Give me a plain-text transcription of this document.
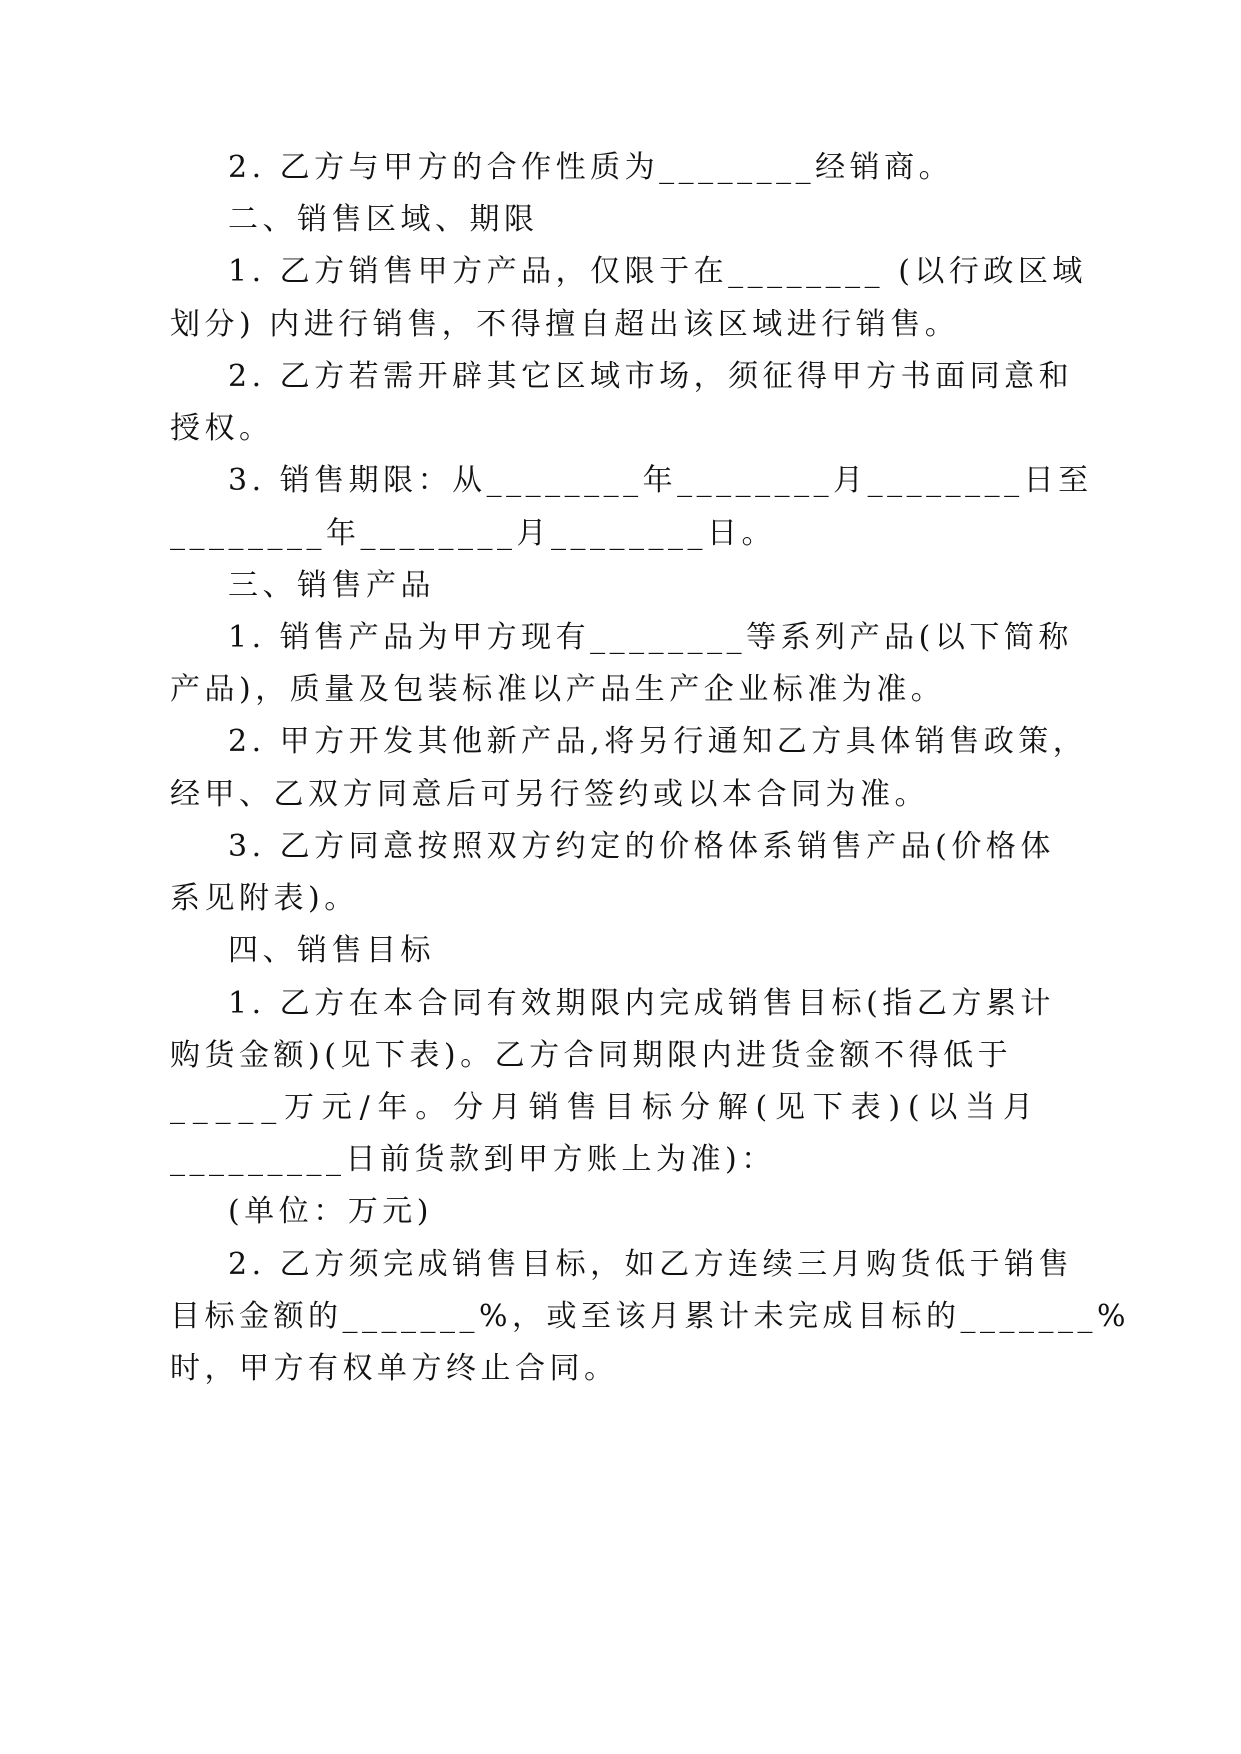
2. 乙方与甲方的合作性质为________经销商。
二、销售区域、期限
1. 乙方销售甲方产品，仅限于在________ (以行政区域
划分) 内进行销售，不得擅自超出该区域进行销售。
2. 乙方若需开辟其它区域市场，须征得甲方书面同意和
授权。
3. 销售期限：从________年________月________日至
________年________月________日。
三、销售产品
1. 销售产品为甲方现有________等系列产品(以下简称
产品)，质量及包装标准以产品生产企业标准为准。
2. 甲方开发其他新产品,将另行通知乙方具体销售政策，
经甲、乙双方同意后可另行签约或以本合同为准。
3. 乙方同意按照双方约定的价格体系销售产品(价格体
系见附表)。
四、销售目标
1. 乙方在本合同有效期限内完成销售目标(指乙方累计
购货金额)(见下表)。乙方合同期限内进货金额不得低于
_____万元/年。分月销售目标分解(见下表)(以当月
_________日前货款到甲方账上为准)：
(单位：万元)
2. 乙方须完成销售目标，如乙方连续三月购货低于销售
目标金额的_______%，或至该月累计未完成目标的_______%
时，甲方有权单方终止合同。
